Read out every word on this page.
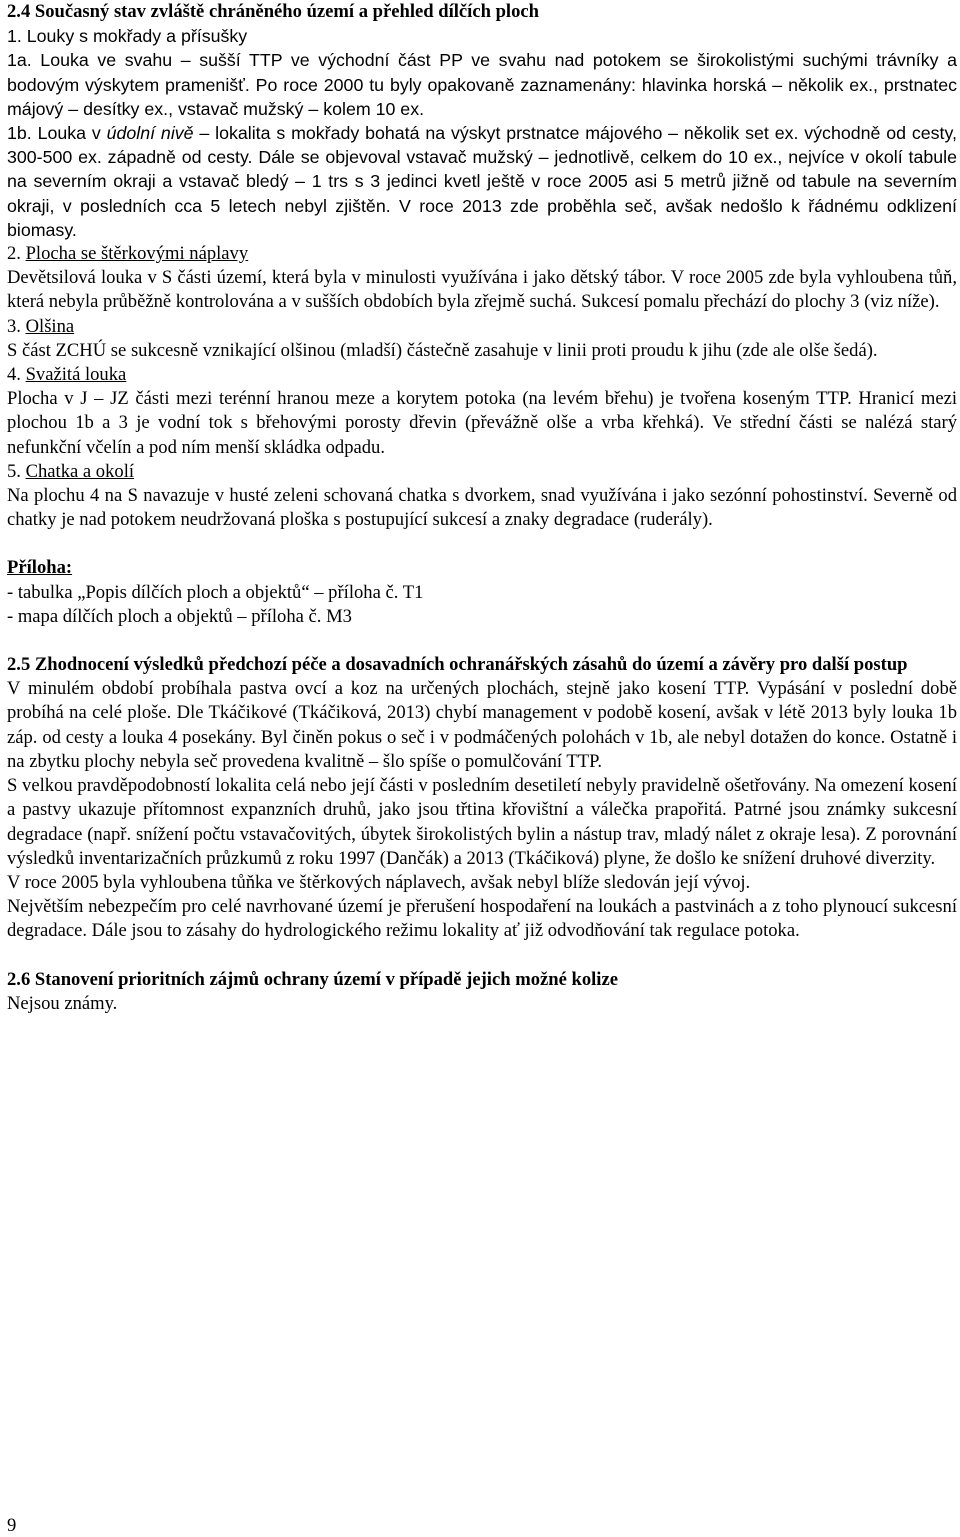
2.4 Současný stav zvláště chráněného území a přehled dílčích ploch
1. Louky s mokřady a přísušky
1a. Louka ve svahu – sušší TTP ve východní část PP ve svahu nad potokem se širokolistými suchými trávníky a bodovým výskytem pramenišť. Po roce 2000 tu byly opakovaně zaznamenány: hlavinka horská – několik ex., prstnatec májový – desítky ex., vstavač mužský – kolem 10 ex.
1b. Louka v údolní nivě – lokalita s mokřady bohatá na výskyt prstnatce májového – několik set ex. východně od cesty, 300-500 ex. západně od cesty. Dále se objevoval vstavač mužský – jednotlivě, celkem do 10 ex., nejvíce v okolí tabule na severním okraji a vstavač bledý – 1 trs s 3 jedinci kvetl ještě v roce 2005 asi 5 metrů jižně od tabule na severním okraji, v posledních cca 5 letech nebyl zjištěn. V roce 2013 zde proběhla seč, avšak nedošlo k řádnému odklizení biomasy.
2. Plocha se štěrkovými náplavy
Devětsilová louka v S části území, která byla v minulosti využívána i jako dětský tábor. V roce 2005 zde byla vyhloubena tůň, která nebyla průběžně kontrolována a v sušších obdobích byla zřejmě suchá. Sukcesí pomalu přechází do plochy 3 (viz níže).
3. Olšina
S část ZCHÚ se sukcesně vznikající olšinou (mladší) částečně zasahuje v linii proti proudu k jihu (zde ale olše šedá).
4. Svažitá louka
Plocha v J – JZ části mezi terénní hranou meze a korytem potoka (na levém břehu) je tvořena koseným TTP. Hranicí mezi plochou 1b a 3 je vodní tok s břehovými porosty dřevin (převážně olše a vrba křehká). Ve střední části se nalézá starý nefunkční včelín a pod ním menší skládka odpadu.
5. Chatka a okolí
Na plochu 4 na S navazuje v husté zeleni schovaná chatka s dvorkem, snad využívána i jako sezónní pohostinství. Severně od chatky je nad potokem neudržovaná ploška s postupující sukcesí a znaky degradace (ruderály).
Příloha:
- tabulka „Popis dílčích ploch a objektů“ – příloha č. T1
- mapa dílčích ploch a objektů – příloha č. M3
2.5 Zhodnocení výsledků předchozí péče a dosavadních ochranářských zásahů do území a závěry pro další postup
V minulém období probíhala pastva ovcí a koz na určených plochách, stejně jako kosení TTP. Vypásání v poslední době probíhá na celé ploše. Dle Tkáčikové (Tkáčiková, 2013) chybí management v podobě kosení, avšak v létě 2013 byly louka 1b záp. od cesty a louka 4 posekány. Byl činěn pokus o seč i v podmáčených polohách v 1b, ale nebyl dotažen do konce. Ostatně i na zbytku plochy nebyla seč provedena kvalitně – šlo spíše o pomulčování TTP.
S velkou pravděpodobností lokalita celá nebo její části v posledním desetiletí nebyly pravidelně ošetřovány. Na omezení kosení a pastvy ukazuje přítomnost expanzních druhů, jako jsou třtina křovištní a válečka prapořitá. Patrné jsou známky sukcesní degradace (např. snížení počtu vstavačovitých, úbytek širokolistých bylin a nástup trav, mladý nálet z okraje lesa). Z porovnání výsledků inventarizačních průzkumů z roku 1997 (Dančák) a 2013 (Tkáčiková) plyne, že došlo ke snížení druhové diverzity.
V roce 2005 byla vyhloubena tůňka ve štěrkových náplavech, avšak nebyl blíže sledován její vývoj.
Největším nebezpečím pro celé navrhované území je přerušení hospodaření na loukách a pastvinách a z toho plynoucí sukcesní degradace. Dále jsou to zásahy do hydrologického režimu lokality ať již odvodňování tak regulace potoka.
2.6 Stanovení prioritních zájmů ochrany území v případě jejich možné kolize
Nejsou známy.
9
